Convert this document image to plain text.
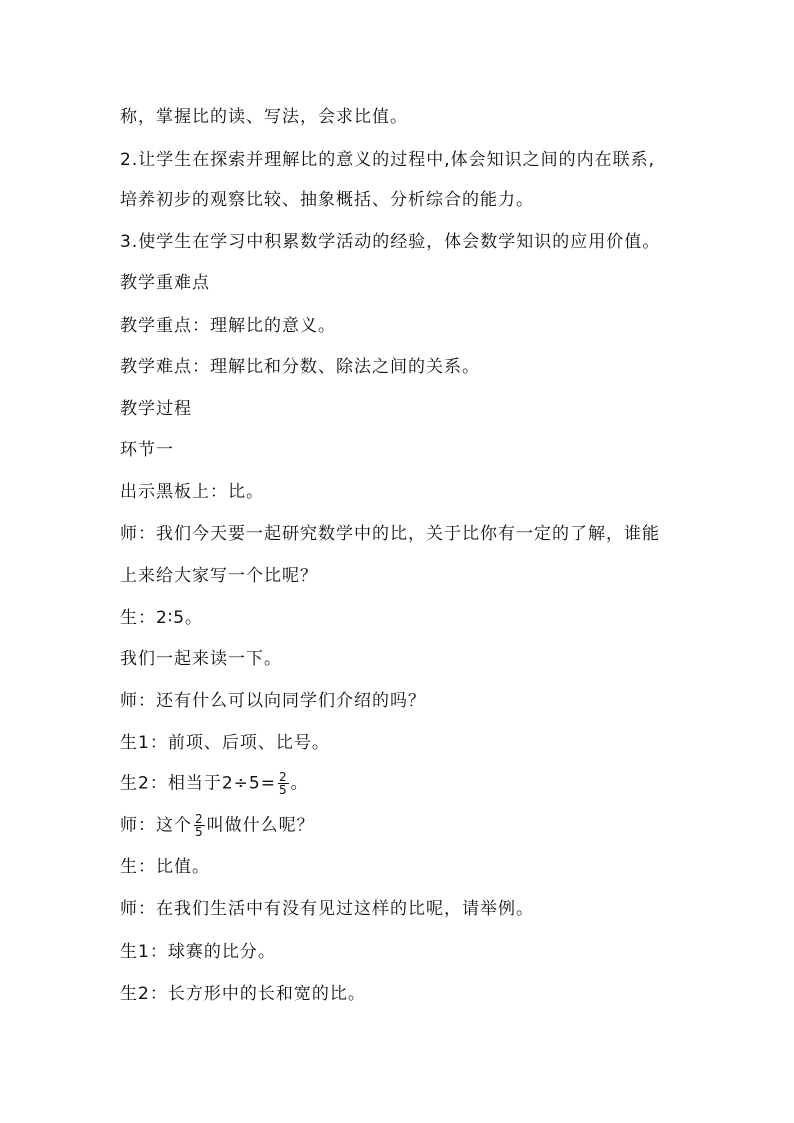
称，掌握比的读、写法，会求比值。
2.让学生在探索并理解比的意义的过程中,体会知识之间的内在联系,
培养初步的观察比较、抽象概括、分析综合的能力。
3.使学生在学习中积累数学活动的经验，体会数学知识的应用价值。
教学重难点
教学重点：理解比的意义。
教学难点：理解比和分数、除法之间的关系。
教学过程
环节一
出示黑板上：比。
师：我们今天要一起研究数学中的比，关于比你有一定的了解，谁能
上来给大家写一个比呢？
生：2∶5。
我们一起来读一下。
师：还有什么可以向同学们介绍的吗？
生1：前项、后项、比号。
生2：相当于$2\div 5= \frac{2}{5}$ 。
师：这个 $\frac{2}{5}$ 叫做什么呢？
生：比值。
师：在我们生活中有没有见过这样的比呢，请举例。
生1：球赛的比分。
生2：长方形中的长和宽的比。
